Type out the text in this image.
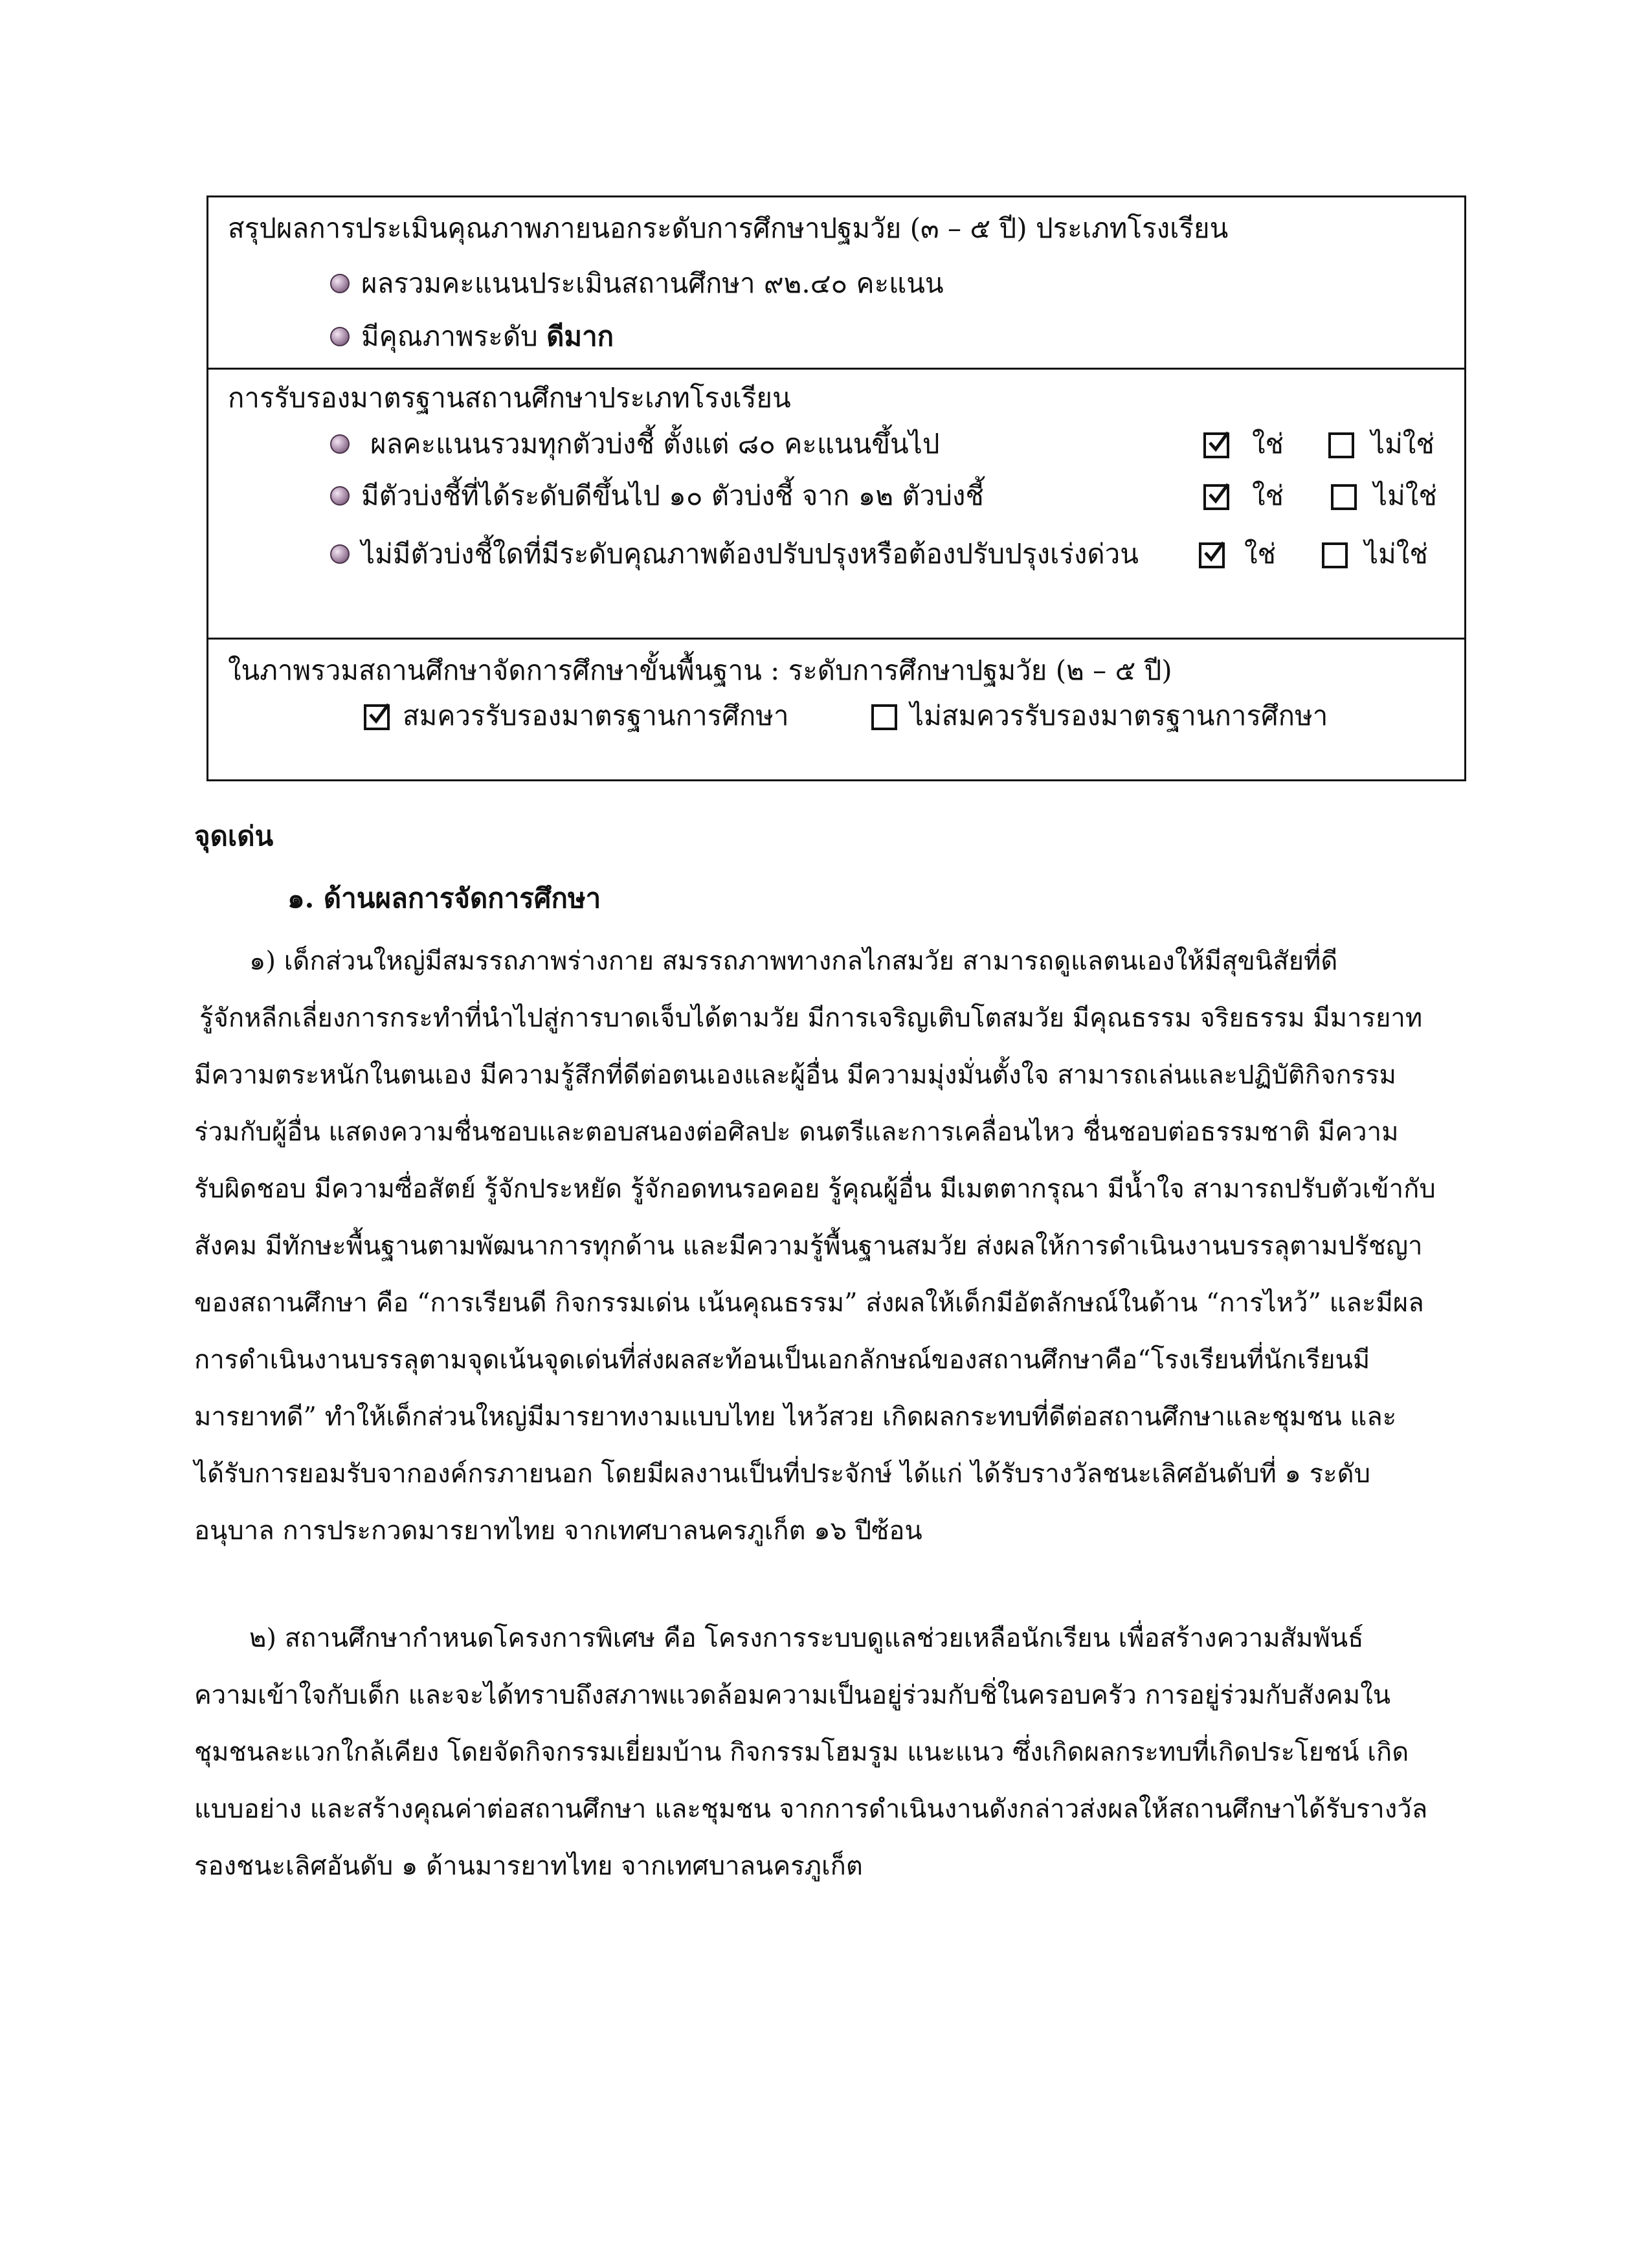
สรุปผลการประเมินคุณภาพภายนอกระดับการศึกษาปฐมวัย (๓ – ๕ ปี) ประเภทโรงเรียน
ผลรวมคะแนนประเมินสถานศึกษา ๙๒.๔๐ คะแนน
มีคุณภาพระดับ ดีมาก
การรับรองมาตรฐานสถานศึกษาประเภทโรงเรียน
ผลคะแนนรวมทุกตัวบ่งชี้ ตั้งแต่ ๘๐ คะแนนขึ้นไป	ใช่	ไม่ใช่
มีตัวบ่งชี้ที่ได้ระดับดีขึ้นไป ๑๐ ตัวบ่งชี้ จาก ๑๒ ตัวบ่งชี้	ใช่	ไม่ใช่
ไม่มีตัวบ่งชี้ใดที่มีระดับคุณภาพต้องปรับปรุงหรือต้องปรับปรุงเร่งด่วน	ใช่	ไม่ใช่
ในภาพรวมสถานศึกษาจัดการศึกษาขั้นพื้นฐาน : ระดับการศึกษาปฐมวัย (๒ – ๕ ปี)
สมควรรับรองมาตรฐานการศึกษา	ไม่สมควรรับรองมาตรฐานการศึกษา
จุดเด่น
๑. ด้านผลการจัดการศึกษา
๑) เด็กส่วนใหญ่มีสมรรถภาพร่างกาย สมรรถภาพทางกลไกสมวัย สามารถดูแลตนเองให้มีสุขนิสัยที่ดี
รู้จักหลีกเลี่ยงการกระทำที่นำไปสู่การบาดเจ็บได้ตามวัย มีการเจริญเติบโตสมวัย มีคุณธรรม จริยธรรม มีมารยาท
มีความตระหนักในตนเอง มีความรู้สึกที่ดีต่อตนเองและผู้อื่น มีความมุ่งมั่นตั้งใจ สามารถเล่นและปฏิบัติกิจกรรม
ร่วมกับผู้อื่น แสดงความชื่นชอบและตอบสนองต่อศิลปะ ดนตรีและการเคลื่อนไหว ชื่นชอบต่อธรรมชาติ มีความ
รับผิดชอบ มีความซื่อสัตย์ รู้จักประหยัด รู้จักอดทนรอคอย รู้คุณผู้อื่น มีเมตตากรุณา มีน้ำใจ สามารถปรับตัวเข้ากับ
สังคม มีทักษะพื้นฐานตามพัฒนาการทุกด้าน และมีความรู้พื้นฐานสมวัย ส่งผลให้การดำเนินงานบรรลุตามปรัชญา
ของสถานศึกษา คือ “การเรียนดี กิจกรรมเด่น เน้นคุณธรรม” ส่งผลให้เด็กมีอัตลักษณ์ในด้าน “การไหว้” และมีผล
การดำเนินงานบรรลุตามจุดเน้นจุดเด่นที่ส่งผลสะท้อนเป็นเอกลักษณ์ของสถานศึกษาคือ“โรงเรียนที่นักเรียนมี
มารยาทดี” ทำให้เด็กส่วนใหญ่มีมารยาทงามแบบไทย ไหว้สวย เกิดผลกระทบที่ดีต่อสถานศึกษาและชุมชน และ
ได้รับการยอมรับจากองค์กรภายนอก โดยมีผลงานเป็นที่ประจักษ์ ได้แก่ ได้รับรางวัลชนะเลิศอันดับที่ ๑ ระดับ
อนุบาล การประกวดมารยาทไทย จากเทศบาลนครภูเก็ต ๑๖ ปีซ้อน
๒) สถานศึกษากำหนดโครงการพิเศษ คือ โครงการระบบดูแลช่วยเหลือนักเรียน เพื่อสร้างความสัมพันธ์
ความเข้าใจกับเด็ก และจะได้ทราบถึงสภาพแวดล้อมความเป็นอยู่ร่วมกับชิ่ในครอบครัว การอยู่ร่วมกับสังคมใน
ชุมชนละแวกใกล้เคียง โดยจัดกิจกรรมเยี่ยมบ้าน กิจกรรมโฮมรูม แนะแนว ซึ่งเกิดผลกระทบที่เกิดประโยชน์ เกิด
แบบอย่าง และสร้างคุณค่าต่อสถานศึกษา และชุมชน จากการดำเนินงานดังกล่าวส่งผลให้สถานศึกษาได้รับรางวัล
รองชนะเลิศอันดับ ๑ ด้านมารยาทไทย จากเทศบาลนครภูเก็ต
